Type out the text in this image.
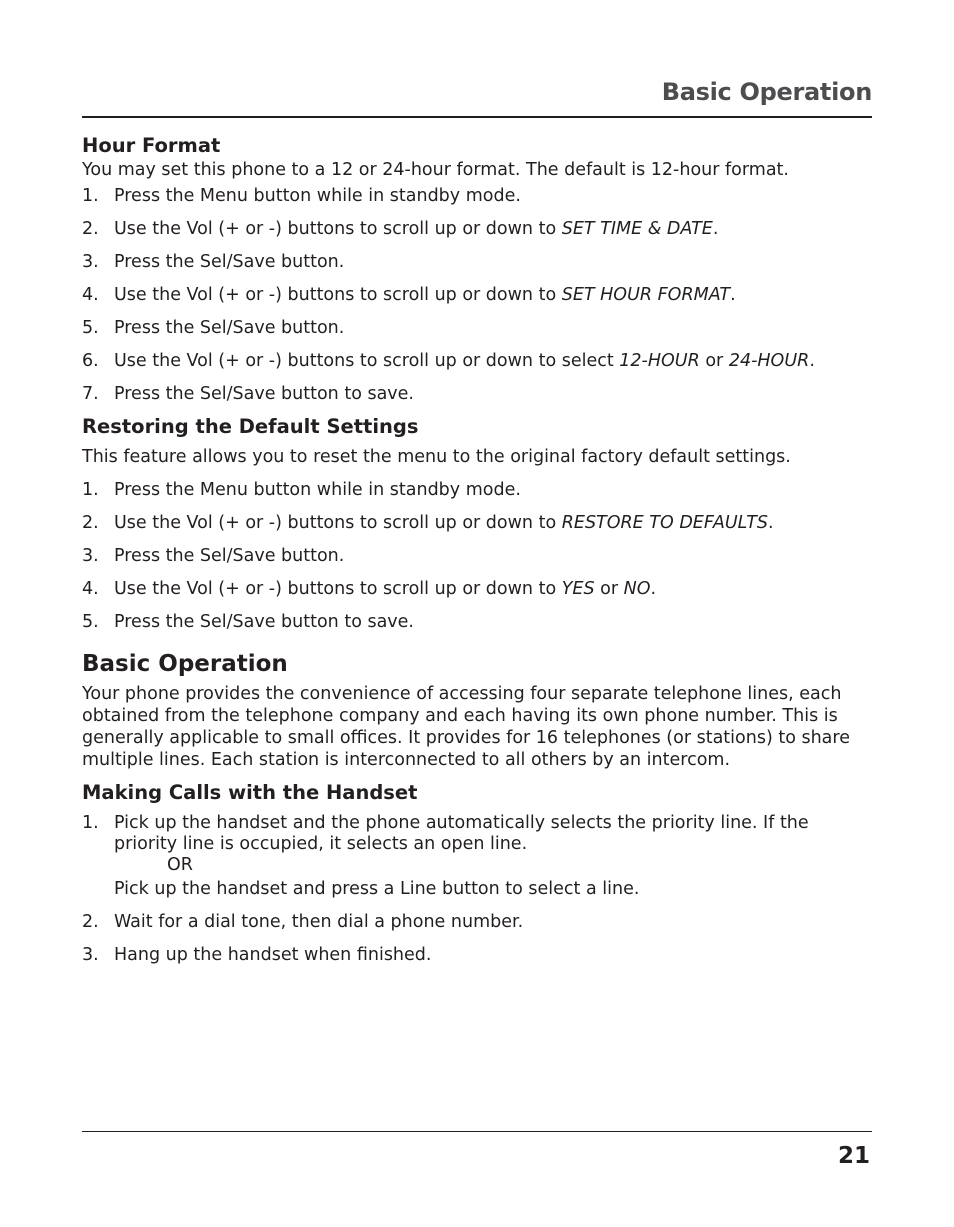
Basic Operation
Hour Format

You may set this phone to a 12 or 24-hour format. The default is 12-hour format.

1. Press the Menu button while in standby mode.
2. Use the Vol (+ or -) buttons to scroll up or down to SET TIME & DATE.
3. Press the Sel/Save button.
4. Use the Vol (+ or -) buttons to scroll up or down to SET HOUR FORMAT.
5. Press the Sel/Save button.
6. Use the Vol (+ or -) buttons to scroll up or down to select 12-HOUR or 24-HOUR.
7. Press the Sel/Save button to save.
Restoring the Default Settings

This feature allows you to reset the menu to the original factory default settings.

1. Press the Menu button while in standby mode.
2. Use the Vol (+ or -) buttons to scroll up or down to RESTORE TO DEFAULTS.
3. Press the Sel/Save button.
4. Use the Vol (+ or -) buttons to scroll up or down to YES or NO.
5. Press the Sel/Save button to save.
Basic Operation

Your phone provides the convenience of accessing four separate telephone lines, each obtained from the telephone company and each having its own phone number. This is generally applicable to small offices. It provides for 16 telephones (or stations) to share multiple lines. Each station is interconnected to all others by an intercom.

Making Calls with the Handset
1. Pick up the handset and the phone automatically selects the priority line. If the priority line is occupied, it selects an open line.

OR

Pick up the handset and press a Line button to select a line.

2. Wait for a dial tone, then dial a phone number.
3. Hang up the handset when finished.
21
